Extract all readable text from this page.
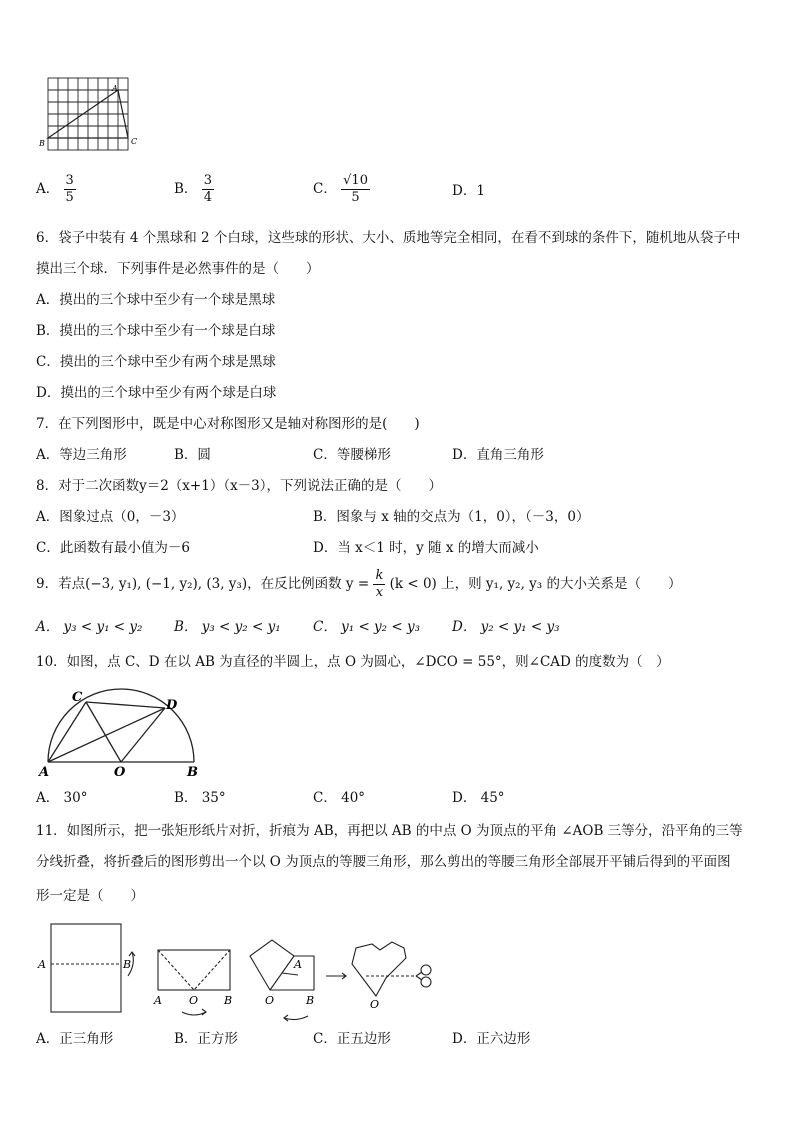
A
B	C
A． $\frac{3}{5}$	B． $\frac{3}{4}$	C． $\frac{√10}{5}$	D．1
6．袋子中装有 4 个黑球和 2 个白球，这些球的形状、大小、质地等完全相同，在看不到球的条件下，随机地从袋子中
摸出三个球．下列事件是必然事件的是（　　）
A．摸出的三个球中至少有一个球是黑球
B．摸出的三个球中至少有一个球是白球
C．摸出的三个球中至少有两个球是黑球
D．摸出的三个球中至少有两个球是白球
7．在下列图形中，既是中心对称图形又是轴对称图形的是(　　)
A．等边三角形	B．圆	C．等腰梯形	D．直角三角形
8．对于二次函数y＝2（x+1）（x－3），下列说法正确的是（　　）
A．图象过点（0，－3）	B．图象与 x 轴的交点为（1，0），（－3，0）
C．此函数有最小值为－6	D．当 x＜1 时，y 随 x 的增大而减小
9．若点(−3, y₁), (−1, y₂), (3, y₃)，在反比例函数 $y = \frac{k}{x} (k < 0)$ 上，则 y₁, y₂, y₃ 的大小关系是（　　）
A． y₃ < y₁ < y₂ B． y₃ < y₂ < y₁ C． y₁ < y₂ < y₃ D． y₂ < y₁ < y₃
10．如图，点 C、D 在以 AB 为直径的半圆上，点 O 为圆心，∠DCO = 55°，则∠CAD 的度数为（　）
C
D
A	O	B
A． 30°	B． 35°	C． 40°	D． 45°
11．如图所示，把一张矩形纸片对折，折痕为 AB，再把以 AB 的中点 O 为顶点的平角 ∠AOB 三等分，沿平角的三等
分线折叠，将折叠后的图形剪出一个以 O 为顶点的等腰三角形，那么剪出的等腰三角形全部展开平铺后得到的平面图
形一定是（　　）
A	B
A O B
A
O	B	O
A．正三角形	B．正方形	C．正五边形	D．正六边形
